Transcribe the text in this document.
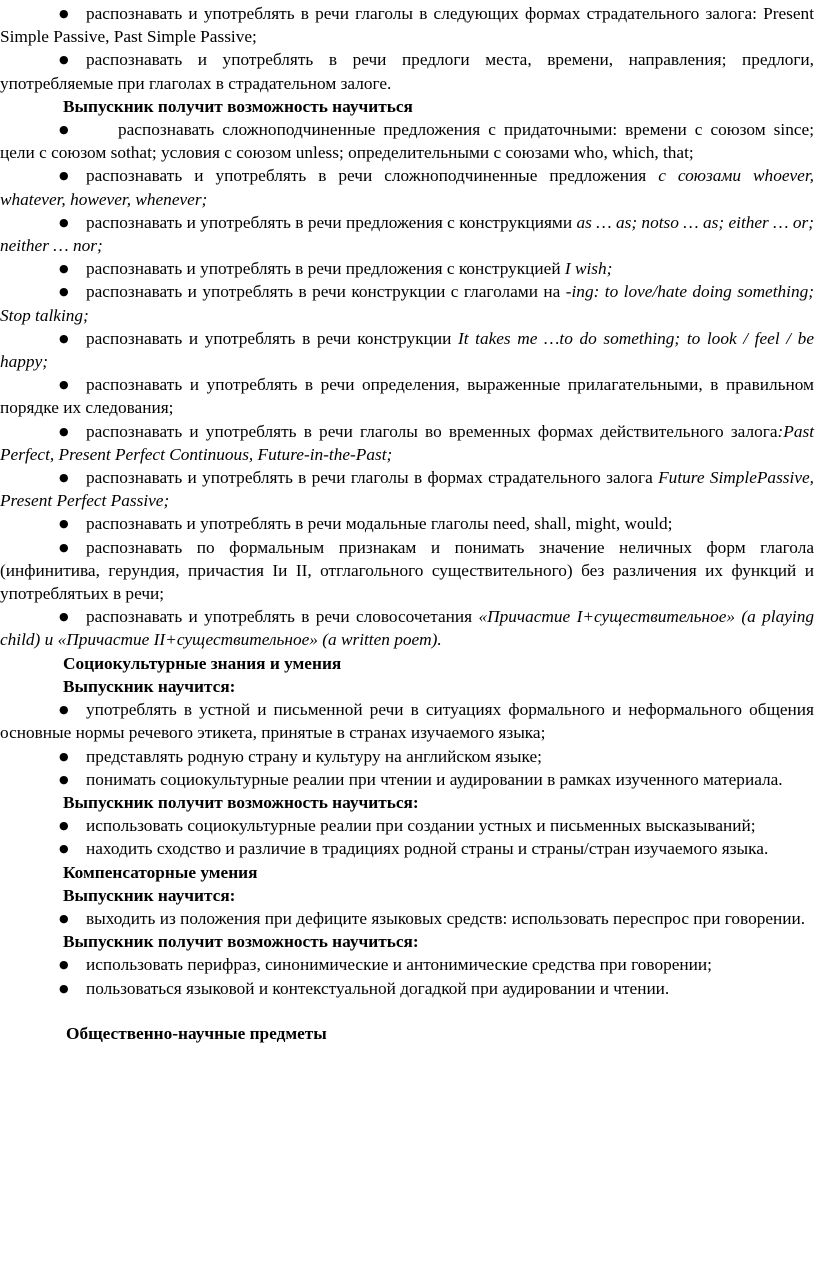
● распознавать и употреблять в речи глаголы в следующих формах страдательного залога: Present Simple Passive, Past Simple Passive;

● распознавать и употреблять в речи предлоги места, времени, направления; предлоги, употребляемые при глаголах в страдательном залоге.

Выпускник получит возможность научиться

●	распознавать сложноподчиненные предложения с придаточными: времени с союзом since; цели с союзом sothat; условия с союзом unless; определительными с союзами who, which, that;

● распознавать и употреблять в речи сложноподчиненные предложения с союзами whoever, whatever, however, whenever;

● распознавать и употреблять в речи предложения с конструкциями as … as; notso … as; either … or; neither … nor;

● распознавать и употреблять в речи предложения с конструкцией I wish;

● распознавать и употреблять в речи конструкции с глаголами на -ing: to love/hate doing something; Stop talking;

● распознавать и употреблять в речи конструкции It takes me …to do something; to look / feel / be happy;

● распознавать и употреблять в речи определения, выраженные прилагательными, в правильном порядке их следования;

● распознавать и употреблять в речи глаголы во временных формах действительного залога:Past Perfect, Present Perfect Continuous, Future-in-the-Past;

● распознавать и употреблять в речи глаголы в формах страдательного залога Future SimplePassive, Present Perfect Passive;

● распознавать и употреблять в речи модальные глаголы need, shall, might, would;

● распознавать по формальным признакам и понимать значение неличных форм глагола (инфинитива, герундия, причастия Iи II, отглагольного существительного) без различения их функций и употреблятьих в речи;

● распознавать и употреблять в речи словосочетания «Причастие I+существительное» (a playing child) и «Причастие II+существительное» (a written poem).

Социокультурные знания и умения

Выпускник научится:

● употреблять в устной и письменной речи в ситуациях формального и неформального общения основные нормы речевого этикета, принятые в странах изучаемого языка;

● представлять родную страну и культуру на английском языке;

● понимать социокультурные реалии при чтении и аудировании в рамках изученного материала.

Выпускник получит возможность научиться:

● использовать социокультурные реалии при создании устных и письменных высказываний;

● находить сходство и различие в традициях родной страны и страны/стран изучаемого языка.

Компенсаторные умения

Выпускник научится:

● выходить из положения при дефиците языковых средств: использовать переспрос при говорении.

Выпускник получит возможность научиться:

● использовать перифраз, синонимические и антонимические средства при говорении;

● пользоваться языковой и контекстуальной догадкой при аудировании и чтении.

Общественно-научные предметы
